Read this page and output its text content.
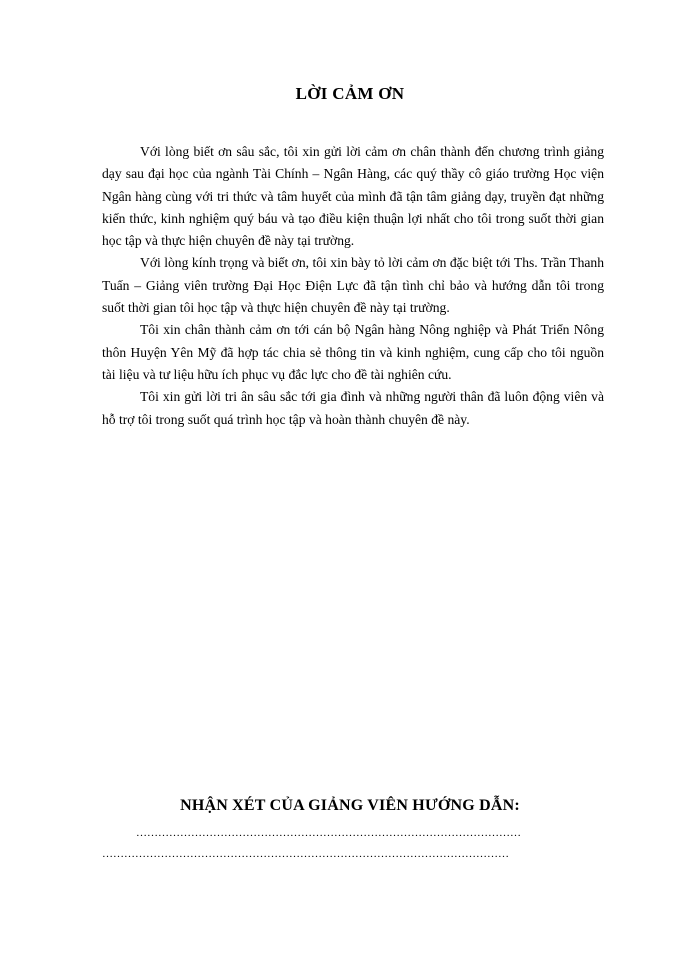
LỜI CẢM ƠN

Với lòng biết ơn sâu sắc, tôi xin gửi lời cảm ơn chân thành đến chương trình giảng dạy sau đại học của ngành Tài Chính – Ngân Hàng, các quý thầy cô giáo trường Học viện Ngân hàng cùng với tri thức và tâm huyết của mình đã tận tâm giảng dạy, truyền đạt những kiến thức, kinh nghiệm quý báu và tạo điều kiện thuận lợi nhất cho tôi trong suốt thời gian học tập và thực hiện chuyên đề này tại trường.

Với lòng kính trọng và biết ơn, tôi xin bày tỏ lời cảm ơn đặc biệt tới Ths. Trần Thanh Tuấn – Giảng viên trường Đại Học Điện Lực đã tận tình chỉ bảo và hướng dẫn tôi trong suốt thời gian tôi học tập và thực hiện chuyên đề này tại trường.

Tôi xin chân thành cảm ơn tới cán bộ Ngân hàng Nông nghiệp và Phát Triển Nông thôn Huyện Yên Mỹ đã hợp tác chia sẻ thông tin và kinh nghiệm, cung cấp cho tôi nguồn tài liệu và tư liệu hữu ích phục vụ đắc lực cho đề tài nghiên cứu.

Tôi xin gửi lời tri ân sâu sắc tới gia đình và những người thân đã luôn động viên và hỗ trợ tôi trong suốt quá trình học tập và hoàn thành chuyên đề này.

NHẬN XÉT CỦA GIẢNG VIÊN HƯỚNG DẪN:
……………………………………………………………………………………………
…………………………………………………………………………………………………
